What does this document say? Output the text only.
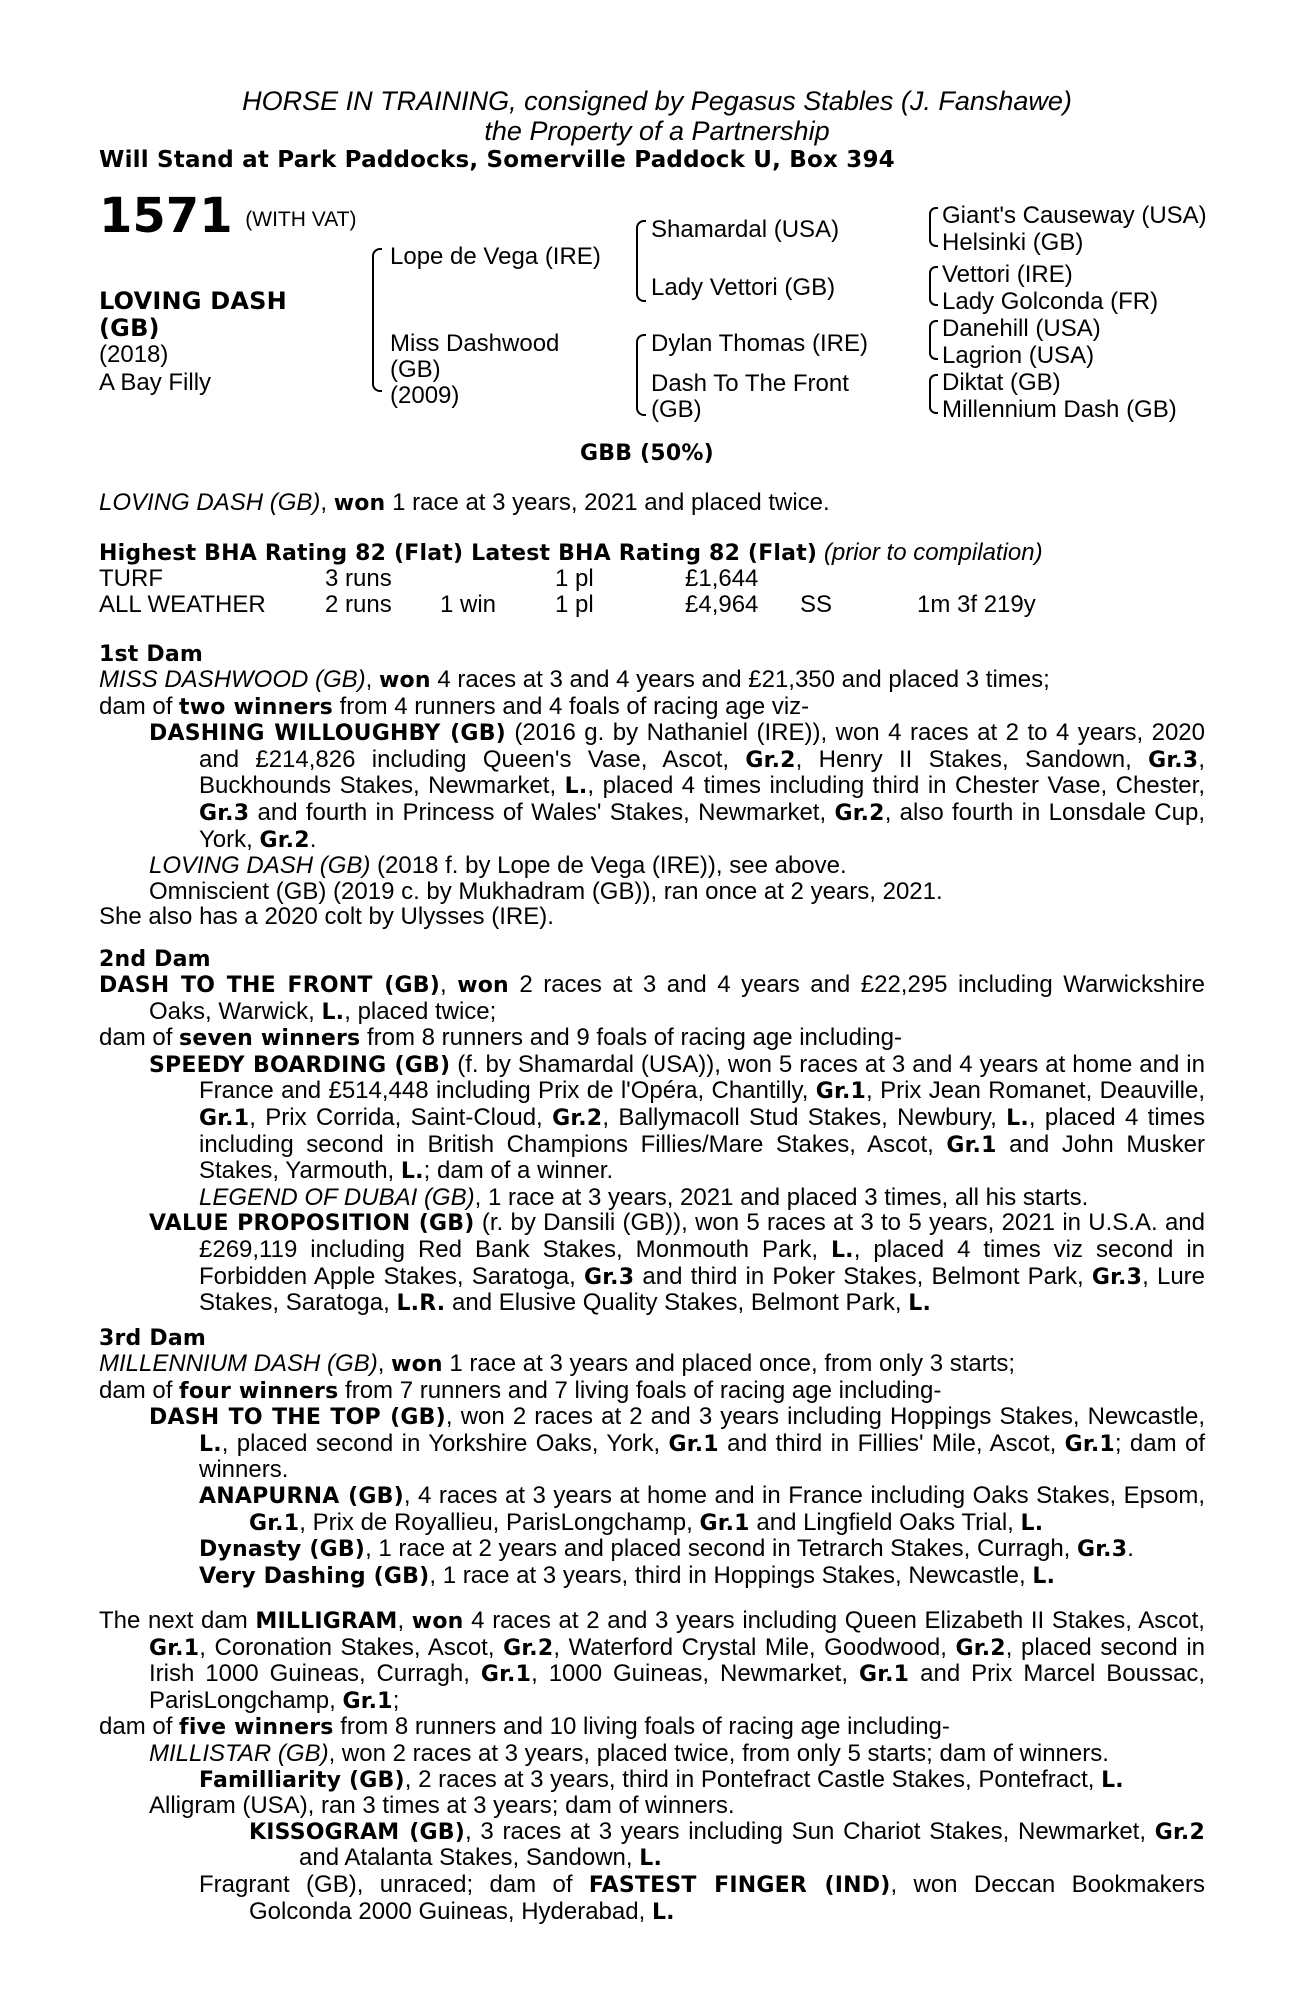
HORSE IN TRAINING, consigned by Pegasus Stables (J. Fanshawe)
the Property of a Partnership
Will Stand at Park Paddocks, Somerville Paddock U, Box 394
1571 (WITH VAT)
LOVING DASH
(GB)
(2018)
A Bay Filly
Lope de Vega (IRE)
Miss Dashwood
(GB)
(2009)
Shamardal (USA)
Lady Vettori (GB)
Dylan Thomas (IRE)
Dash To The Front
(GB)
Giant's Causeway (USA)
Helsinki (GB)
Vettori (IRE)
Lady Golconda (FR)
Danehill (USA)
Lagrion (USA)
Diktat (GB)
Millennium Dash (GB)
GBB (50%)
LOVING DASH (GB), won 1 race at 3 years, 2021 and placed twice.
Highest BHA Rating 82 (Flat) Latest BHA Rating 82 (Flat) (prior to compilation)
TURF	3 runs	1 pl	£1,644
ALL WEATHER 2 runs 1 win 1 pl	£4,964 SS	1m 3f 219y
1st Dam
MISS DASHWOOD (GB), won 4 races at 3 and 4 years and £21,350 and placed 3 times;
dam of two winners from 4 runners and 4 foals of racing age viz-
DASHING WILLOUGHBY (GB) (2016 g. by Nathaniel (IRE)), won 4 races at 2 to 4 years, 2020 and £214,826 including Queen's Vase, Ascot, Gr.2, Henry II Stakes, Sandown, Gr.3, Buckhounds Stakes, Newmarket, L., placed 4 times including third in Chester Vase, Chester, Gr.3 and fourth in Princess of Wales' Stakes, Newmarket, Gr.2, also fourth in Lonsdale Cup, York, Gr.2.
LOVING DASH (GB) (2018 f. by Lope de Vega (IRE)), see above.
Omniscient (GB) (2019 c. by Mukhadram (GB)), ran once at 2 years, 2021.
She also has a 2020 colt by Ulysses (IRE).
2nd Dam
DASH TO THE FRONT (GB), won 2 races at 3 and 4 years and £22,295 including Warwickshire Oaks, Warwick, L., placed twice;
dam of seven winners from 8 runners and 9 foals of racing age including-
SPEEDY BOARDING (GB) (f. by Shamardal (USA)), won 5 races at 3 and 4 years at home and in France and £514,448 including Prix de l'Opéra, Chantilly, Gr.1, Prix Jean Romanet, Deauville, Gr.1, Prix Corrida, Saint-Cloud, Gr.2, Ballymacoll Stud Stakes, Newbury, L., placed 4 times including second in British Champions Fillies/Mare Stakes, Ascot, Gr.1 and John Musker Stakes, Yarmouth, L.; dam of a winner.
LEGEND OF DUBAI (GB), 1 race at 3 years, 2021 and placed 3 times, all his starts.
VALUE PROPOSITION (GB) (r. by Dansili (GB)), won 5 races at 3 to 5 years, 2021 in U.S.A. and £269,119 including Red Bank Stakes, Monmouth Park, L., placed 4 times viz second in Forbidden Apple Stakes, Saratoga, Gr.3 and third in Poker Stakes, Belmont Park, Gr.3, Lure Stakes, Saratoga, L.R. and Elusive Quality Stakes, Belmont Park, L.
3rd Dam
MILLENNIUM DASH (GB), won 1 race at 3 years and placed once, from only 3 starts;
dam of four winners from 7 runners and 7 living foals of racing age including-
DASH TO THE TOP (GB), won 2 races at 2 and 3 years including Hoppings Stakes, Newcastle, L., placed second in Yorkshire Oaks, York, Gr.1 and third in Fillies' Mile, Ascot, Gr.1; dam of winners.
ANAPURNA (GB), 4 races at 3 years at home and in France including Oaks Stakes, Epsom, Gr.1, Prix de Royallieu, ParisLongchamp, Gr.1 and Lingfield Oaks Trial, L.
Dynasty (GB), 1 race at 2 years and placed second in Tetrarch Stakes, Curragh, Gr.3.
Very Dashing (GB), 1 race at 3 years, third in Hoppings Stakes, Newcastle, L.
The next dam MILLIGRAM, won 4 races at 2 and 3 years including Queen Elizabeth II Stakes, Ascot, Gr.1, Coronation Stakes, Ascot, Gr.2, Waterford Crystal Mile, Goodwood, Gr.2, placed second in Irish 1000 Guineas, Curragh, Gr.1, 1000 Guineas, Newmarket, Gr.1 and Prix Marcel Boussac, ParisLongchamp, Gr.1;
dam of five winners from 8 runners and 10 living foals of racing age including-
MILLISTAR (GB), won 2 races at 3 years, placed twice, from only 5 starts; dam of winners.
Familliarity (GB), 2 races at 3 years, third in Pontefract Castle Stakes, Pontefract, L.
Alligram (USA), ran 3 times at 3 years; dam of winners.
KISSOGRAM (GB), 3 races at 3 years including Sun Chariot Stakes, Newmarket, Gr.2 and Atalanta Stakes, Sandown, L.
Fragrant (GB), unraced; dam of FASTEST FINGER (IND), won Deccan Bookmakers Golconda 2000 Guineas, Hyderabad, L.
